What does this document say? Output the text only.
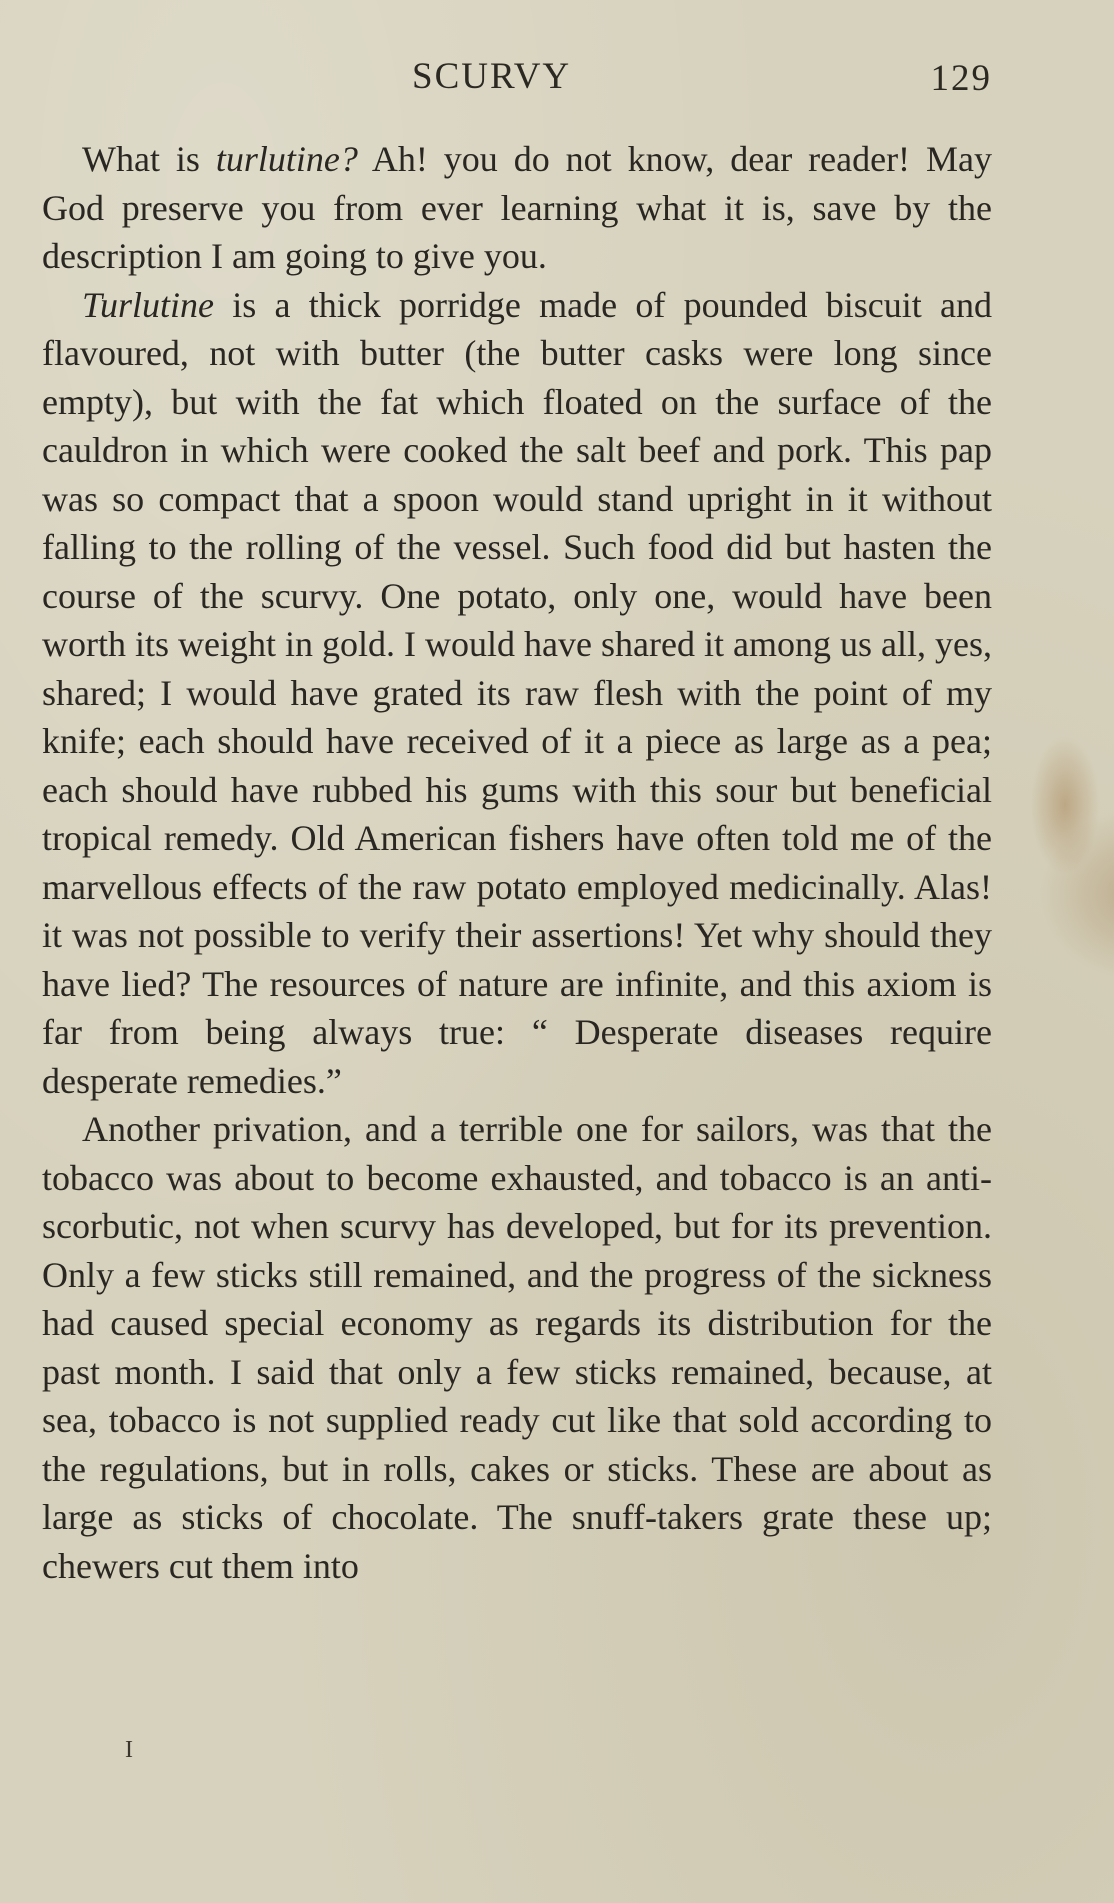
SCURVY	129

What is turlutine? Ah! you do not know, dear reader! May God preserve you from ever learning what it is, save by the description I am going to give you.

Turlutine is a thick porridge made of pounded biscuit and flavoured, not with butter (the butter casks were long since empty), but with the fat which floated on the surface of the cauldron in which were cooked the salt beef and pork. This pap was so compact that a spoon would stand upright in it without falling to the rolling of the vessel. Such food did but hasten the course of the scurvy. One potato, only one, would have been worth its weight in gold. I would have shared it among us all, yes, shared; I would have grated its raw flesh with the point of my knife; each should have received of it a piece as large as a pea; each should have rubbed his gums with this sour but beneficial tropical remedy. Old American fishers have often told me of the marvellous effects of the raw potato employed medicinally. Alas! it was not possible to verify their assertions! Yet why should they have lied? The resources of nature are infinite, and this axiom is far from being always true: “ Desperate diseases require desperate remedies.”

Another privation, and a terrible one for sailors, was that the tobacco was about to become exhausted, and tobacco is an anti-scorbutic, not when scurvy has developed, but for its prevention. Only a few sticks still remained, and the progress of the sickness had caused special economy as regards its distribution for the past month. I said that only a few sticks remained, because, at sea, tobacco is not supplied ready cut like that sold according to the regulations, but in rolls, cakes or sticks. These are about as large as sticks of chocolate. The snuff-takers grate these up; chewers cut them into

I
